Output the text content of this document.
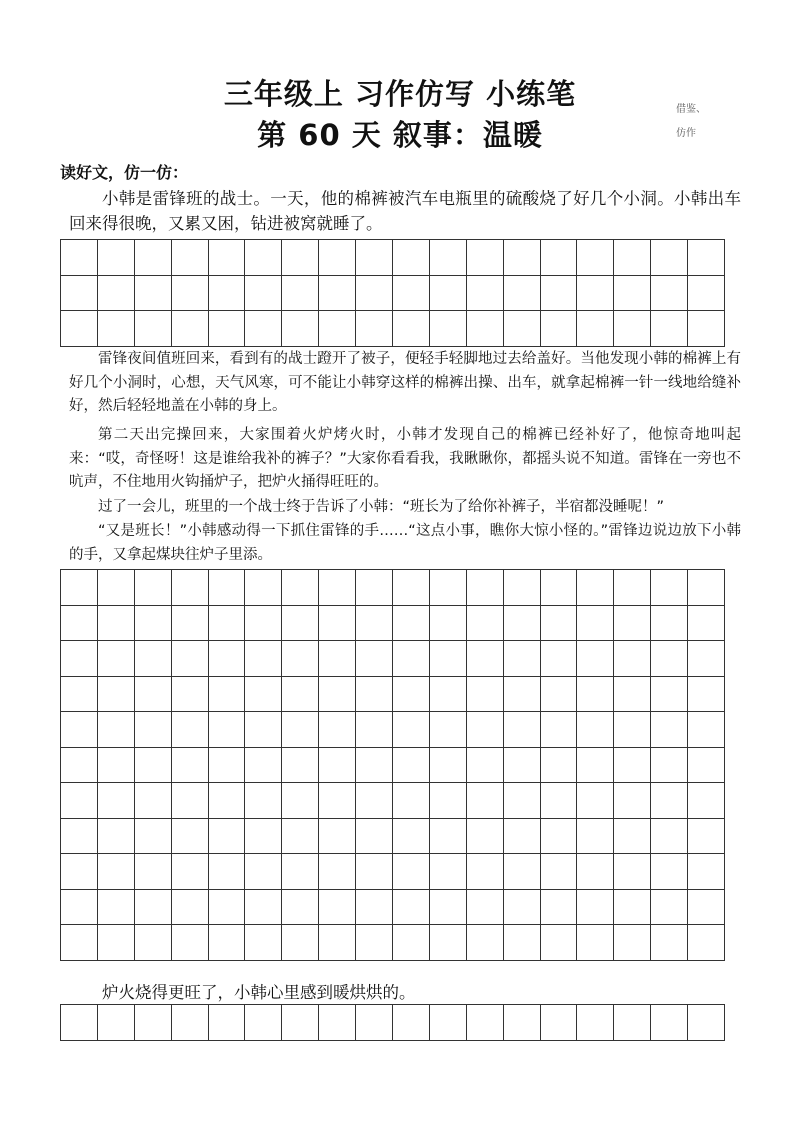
三年级上 习作仿写 小练笔
第 60 天 叙事：温暖
借鉴、
仿作
读好文，仿一仿：

小韩是雷锋班的战士。一天，他的棉裤被汽车电瓶里的硫酸烧了好几个小洞。小韩出车回来得很晚，又累又困，钻进被窝就睡了。

雷锋夜间值班回来，看到有的战士蹬开了被子，便轻手轻脚地过去给盖好。当他发现小韩的棉裤上有好几个小洞时，心想，天气风寒，可不能让小韩穿这样的棉裤出操、出车，就拿起棉裤一针一线地给缝补好，然后轻轻地盖在小韩的身上。

第二天出完操回来，大家围着火炉烤火时，小韩才发现自己的棉裤已经补好了，他惊奇地叫起来：“哎，奇怪呀！这是谁给我补的裤子？”大家你看看我，我瞅瞅你，都摇头说不知道。雷锋在一旁也不吭声，不住地用火钩捅炉子，把炉火捅得旺旺的。

过了一会儿，班里的一个战士终于告诉了小韩：“班长为了给你补裤子，半宿都没睡呢！”

“又是班长！”小韩感动得一下抓住雷锋的手……“这点小事，瞧你大惊小怪的。”雷锋边说边放下小韩的手，又拿起煤块往炉子里添。

炉火烧得更旺了，小韩心里感到暖烘烘的。
